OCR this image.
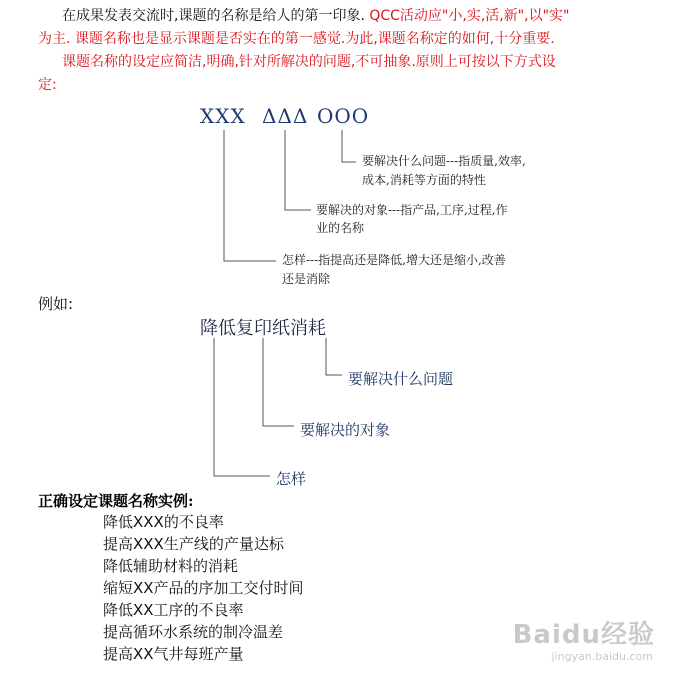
在成果发表交流时,课题的名称是给人的第一印象. QCC活动应"小,实,活,新",以"实"
为主. 课题名称也是显示课题是否实在的第一感觉.为此,课题名称定的如何,十分重要.
课题名称的设定应简洁,明确,针对所解决的问题,不可抽象.原则上可按以下方式设
定:
XXX ΔΔΔ OOO
要解决什么问题---指质量,效率,
成本,消耗等方面的特性
要解决的对象---指产品,工序,过程,作
业的名称
怎样---指提高还是降低,增大还是缩小,改善
还是消除
例如:
降低复印纸消耗
要解决什么问题
要解决的对象
怎样
正确设定课题名称实例:
降低XXX的不良率
提高XXX生产线的产量达标
降低辅助材料的消耗
缩短XX产品的序加工交付时间
降低XX工序的不良率
提高循环水系统的制冷温差
提高XX气井每班产量
Baidu经验
jingyan.baidu.com
